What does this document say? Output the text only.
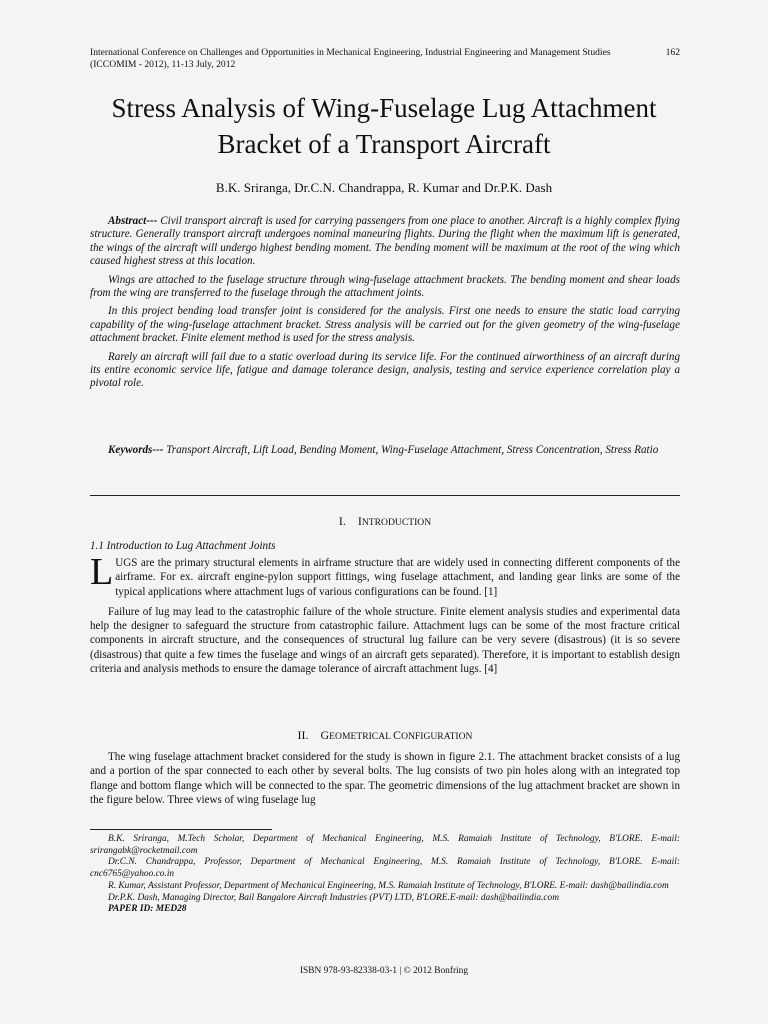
International Conference on Challenges and Opportunities in Mechanical Engineering, Industrial Engineering and Management Studies
(ICCOMIM - 2012), 11-13 July, 2012
162
Stress Analysis of Wing-Fuselage Lug Attachment
Bracket of a Transport Aircraft
B.K. Sriranga, Dr.C.N. Chandrappa, R. Kumar and Dr.P.K. Dash

Abstract--- Civil transport aircraft is used for carrying passengers from one place to another. Aircraft is a highly complex flying structure. Generally transport aircraft undergoes nominal maneuring flights. During the flight when the maximum lift is generated, the wings of the aircraft will undergo highest bending moment. The bending moment will be maximum at the root of the wing which caused highest stress at this location.

Wings are attached to the fuselage structure through wing-fuselage attachment brackets. The bending moment and shear loads from the wing are transferred to the fuselage through the attachment joints.

In this project bending load transfer joint is considered for the analysis. First one needs to ensure the static load carrying capability of the wing-fuselage attachment bracket. Stress analysis will be carried out for the given geometry of the wing-fuselage attachment bracket. Finite element method is used for the stress analysis.

Rarely an aircraft will fail due to a static overload during its service life. For the continued airworthiness of an aircraft during its entire economic service life, fatigue and damage tolerance design, analysis, testing and service experience correlation play a pivotal role.

Keywords--- Transport Aircraft, Lift Load, Bending Moment, Wing-Fuselage Attachment, Stress Concentration, Stress Ratio
I. INTRODUCTION
1.1 Introduction to Lug Attachment Joints

LUGS are the primary structural elements in airframe structure that are widely used in connecting different components of the airframe. For ex. aircraft engine-pylon support fittings, wing fuselage attachment, and landing gear links are some of the typical applications where attachment lugs of various configurations can be found. [1]

Failure of lug may lead to the catastrophic failure of the whole structure. Finite element analysis studies and experimental data help the designer to safeguard the structure from catastrophic failure. Attachment lugs can be some of the most fracture critical components in aircraft structure, and the consequences of structural lug failure can be very severe (disastrous) (it is so severe (disastrous) that quite a few times the fuselage and wings of an aircraft gets separated). Therefore, it is important to establish design criteria and analysis methods to ensure the damage tolerance of aircraft attachment lugs. [4]

II. GEOMETRICAL CONFIGURATION

The wing fuselage attachment bracket considered for the study is shown in figure 2.1. The attachment bracket consists of a lug and a portion of the spar connected to each other by several bolts. The lug consists of two pin holes along with an integrated top flange and bottom flange which will be connected to the spar. The geometric dimensions of the lug attachment bracket are shown in the figure below. Three views of wing fuselage lug

B.K. Sriranga, M.Tech Scholar, Department of Mechanical Engineering, M.S. Ramaiah Institute of Technology, B'LORE. E-mail: srirangabk@rocketmail.com

Dr.C.N. Chandrappa, Professor, Department of Mechanical Engineering, M.S. Ramaiah Institute of Technology, B'LORE. E-mail: cnc6765@yahoo.co.in

R. Kumar, Assistant Professor, Department of Mechanical Engineering, M.S. Ramaiah Institute of Technology, B'LORE. E-mail: dash@bailindia.com

Dr.P.K. Dash, Managing Director, Bail Bangalore Aircraft Industries (PVT) LTD, B'LORE.E-mail: dash@bailindia.com

PAPER ID: MED28

ISBN 978-93-82338-03-1 | © 2012 Bonfring
